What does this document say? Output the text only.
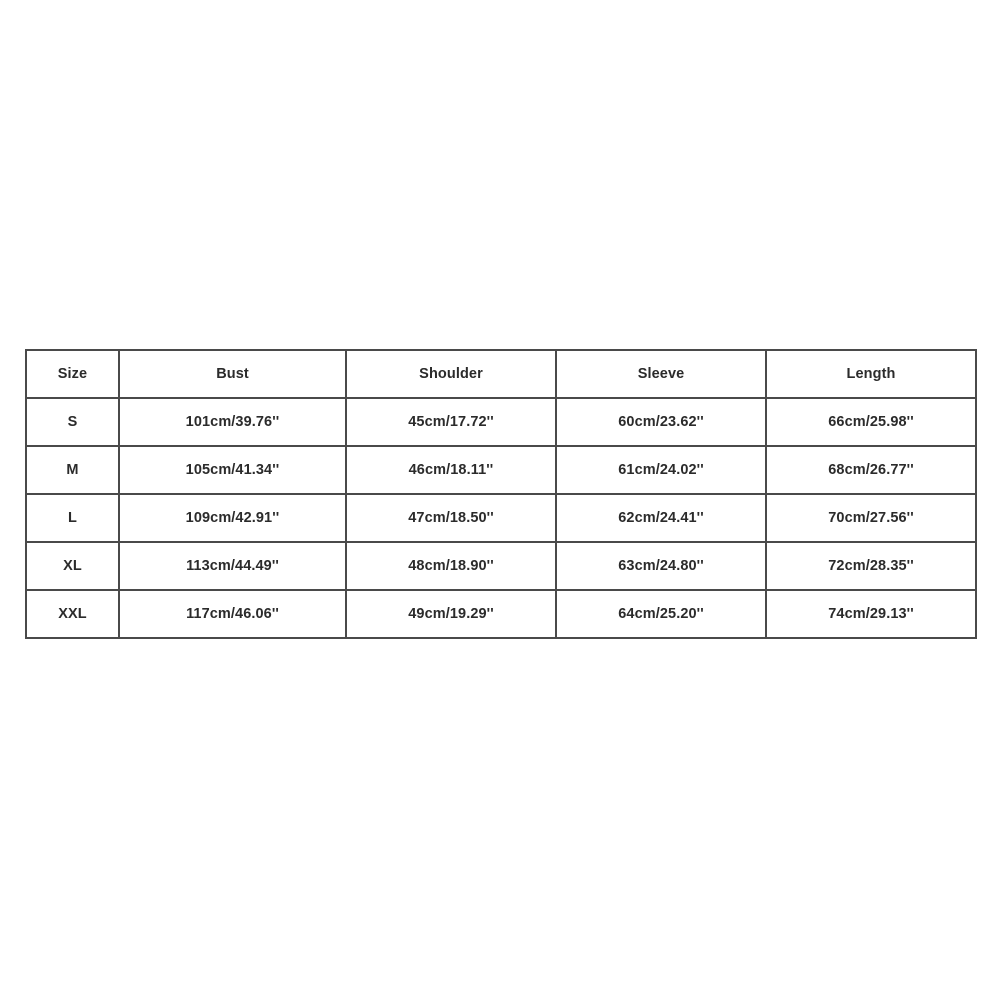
Size	Bust	Shoulder	Sleeve	Length
S	101cm/39.76''	45cm/17.72''	60cm/23.62''	66cm/25.98''
M	105cm/41.34''	46cm/18.11''	61cm/24.02''	68cm/26.77''
L	109cm/42.91''	47cm/18.50''	62cm/24.41''	70cm/27.56''
XL	113cm/44.49''	48cm/18.90''	63cm/24.80''	72cm/28.35''
XXL	117cm/46.06''	49cm/19.29''	64cm/25.20''	74cm/29.13''
